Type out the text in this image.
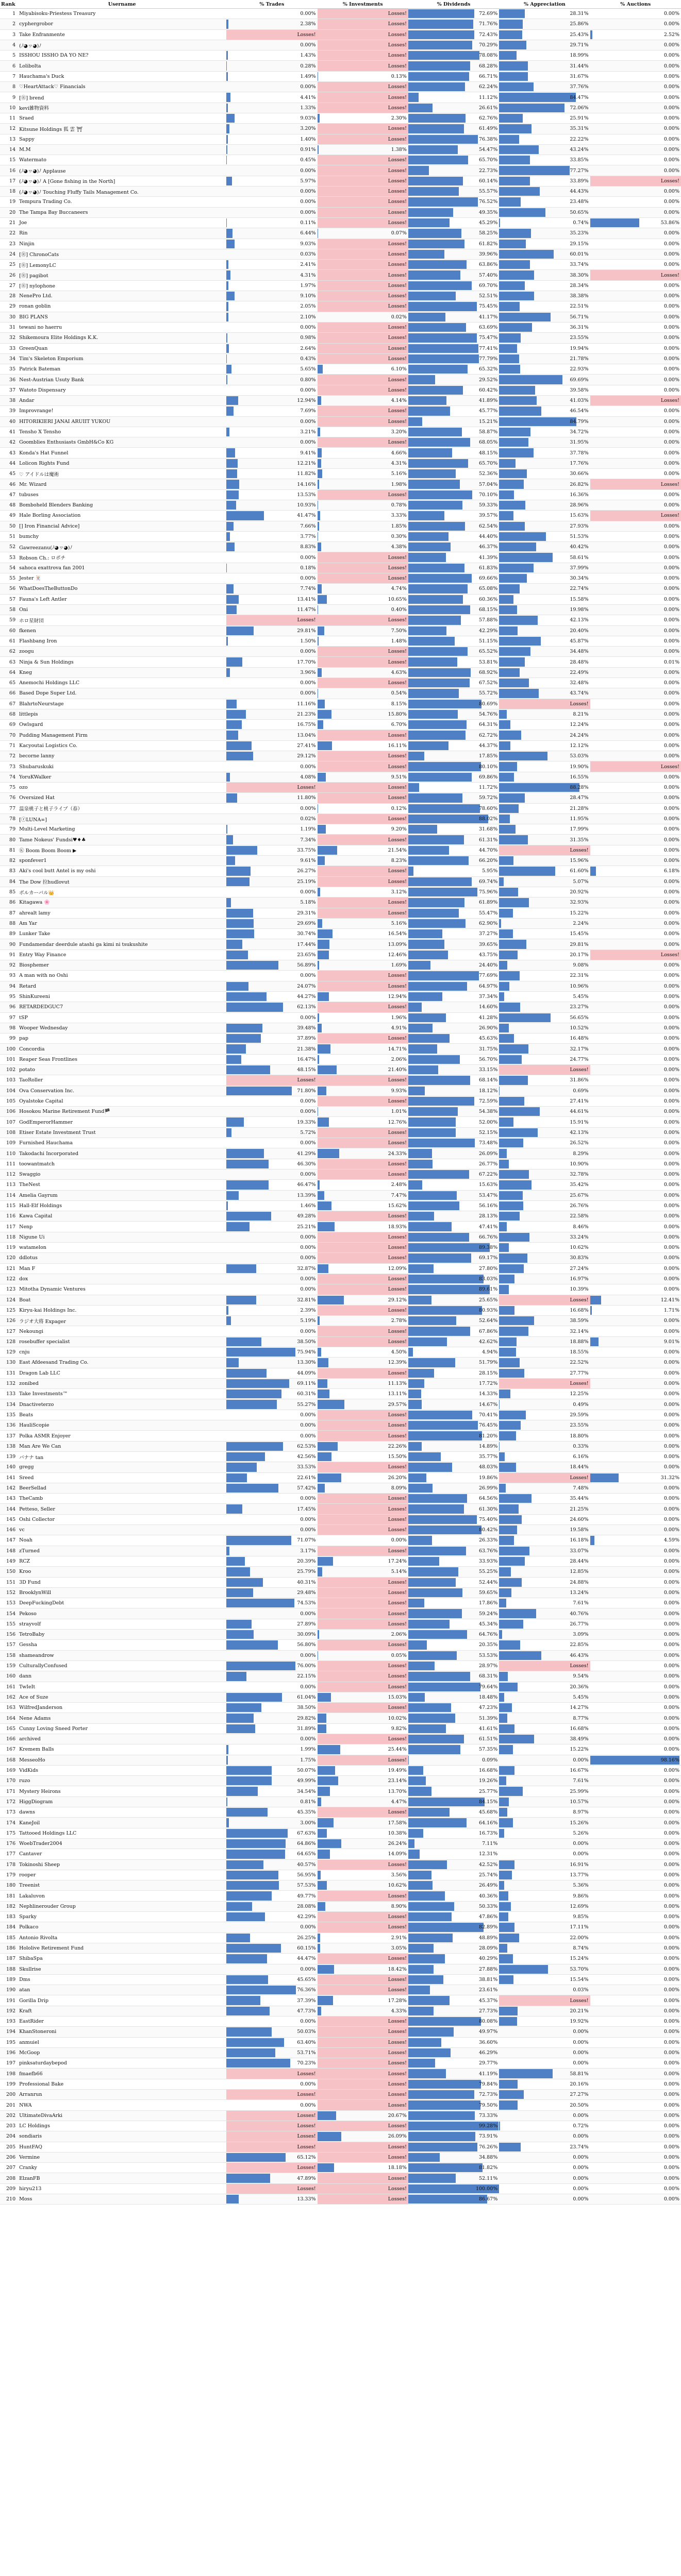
Rank	Username	% Trades	% Investments	% Dividends	% Appreciation	% Auctions
1	Miyabisoku-Priestess Treasury	0.00%	Losses!	72.69%	28.31%	0.00%
2	cyphergrobor	2.38%	Losses!	71.76%	25.86%	0.00%
3	Take Enfranmente	Losses!	Losses!	72.43%	25.43%	2.52%
4	(ﾉ◕ヮ◕)ﾉ	0.00%	Losses!	70.29%	29.71%	0.00%
5	ISSHOU ISSHO DA YO NE?	1.43%	Losses!	78.08%	18.99%	0.00%
6	Lolibolta	0.28%	Losses!	68.28%	31.44%	0.00%
7	Hauchama's Duck	1.49%	0.13%	66.71%	31.67%	0.00%
8	♡HeartAttack♡ Financials	0.00%	Losses!	62.24%	37.76%	0.00%
9	[Ⓡ] brend	4.41%	Losses!	11.12%	84.47%	0.00%
10	kevi雑物資料	1.33%	Losses!	26.61%	72.06%	0.00%
11	Sraed	9.03%	2.30%	62.76%	25.91%	0.00%
12	Kitsune Holdings 狐 雲 ⛩	3.20%	Losses!	61.49%	35.31%	0.00%
13	Sappy	1.40%	Losses!	76.38%	22.22%	0.00%
14	M.M	0.91%	1.38%	54.47%	43.24%	0.00%
15	Watermato	0.45%	Losses!	65.70%	33.85%	0.00%
16	(ﾉ◕ヮ◕)ﾉ Applause	0.00%	Losses!	22.73%	77.27%	0.00%
17	(ﾉ◕ヮ◕)ﾉ A [Gone fishing in the North]	5.97%	Losses!	60.14%	33.89%	Losses!
18	(ﾉ◕ヮ◕)ﾉ Touching Fluffy Tails Management Co.	0.00%	Losses!	55.57%	44.43%	0.00%
19	Tempura Trading Co.	0.00%	Losses!	76.52%	23.48%	0.00%
20	The Tampa Bay Buccaneers	0.00%	Losses!	49.35%	50.65%	0.00%
21	Joe	0.11%	Losses!	45.29%	0.74%	53.86%
22	Rin	6.44%	0.07%	58.25%	35.23%	0.00%
23	Ninjin	9.03%	Losses!	61.82%	29.15%	0.00%
24	[Ⓡ] ChronoCats	0.03%	Losses!	39.96%	60.01%	0.00%
25	[Ⓡ] LemonyLC	2.41%	Losses!	63.86%	33.74%	0.00%
26	[Ⓡ] pagibot	4.31%	Losses!	57.40%	38.30%	Losses!
27	[Ⓡ] nylophone	1.97%	Losses!	69.70%	28.34%	0.00%
28	NenePro Ltd.	9.10%	Losses!	52.51%	38.38%	0.00%
29	ronan goblin	2.05%	Losses!	75.45%	22.51%	0.00%
30	BIG PLANS	2.10%	0.02%	41.17%	56.71%	0.00%
31	tewani no haerru	0.00%	Losses!	63.69%	36.31%	0.00%
32	Shikemoura Elite Holdings K.K.	0.98%	Losses!	75.47%	23.55%	0.00%
33	GreenQuan	2.64%	Losses!	77.41%	19.94%	0.00%
34	Tim's Skeleton Emporium	0.43%	Losses!	77.79%	21.78%	0.00%
35	Patrick Bateman	5.65%	6.10%	65.32%	22.93%	0.00%
36	Nest-Austrian Usuty Bank	0.80%	Losses!	29.52%	69.69%	0.00%
37	Watoto Dispensary	0.00%	Losses!	60.42%	39.58%	0.00%
38	Andar	12.94%	4.14%	41.89%	41.03%	Losses!
39	Improvrange!	7.69%	Losses!	45.77%	46.54%	0.00%
40	HITORIKIERI JANAI ARUIIT YUKOU	0.00%	Losses!	15.21%	84.79%	0.00%
41	Tensho X Tensho	3.21%	3.20%	58.87%	34.72%	0.00%
42	Goomblies Enthusiasts GmbH&Co KG	0.00%	Losses!	68.05%	31.95%	0.00%
43	Konda's Hat Funnel	9.41%	4.66%	48.15%	37.78%	0.00%
44	Lolicon Rights Fund	12.21%	4.31%	65.70%	17.76%	0.00%
45	♡ アイドルは魔術	11.82%	5.16%	52.36%	30.66%	0.00%
46	Mr. Wizard	14.16%	1.98%	57.04%	26.82%	Losses!
47	tubuses	13.53%	Losses!	70.10%	16.36%	0.00%
48	Bomboheld Blenders Banking	10.93%	0.78%	59.33%	28.96%	0.00%
49	Hale Borling Association	41.47%	3.33%	39.57%	15.63%	Losses!
50	[] Iron Financial Advice]	7.66%	1.85%	62.54%	27.93%	0.00%
51	bumchy	3.77%	0.30%	44.40%	51.53%	0.00%
52	Gawreezanu(ﾉ◕ヮ◕)ﾉ	8.83%	4.38%	46.37%	40.42%	0.00%
53	Robson Ch.: ロボチ	0.00%	Losses!	41.39%	58.61%	0.00%
54	sahoca exattrova fan 2001	0.18%	Losses!	61.83%	37.99%	0.00%
55	Jester 🃏	0.00%	Losses!	69.66%	30.34%	0.00%
56	WhatDoesTheButtonDo	7.74%	4.74%	65.08%	22.74%	0.00%
57	Fauna's Left Antler	13.41%	10.65%	60.36%	15.58%	0.00%
58	Oni	11.47%	0.40%	68.15%	19.98%	0.00%
59	ホロ星財団	Losses!	Losses!	57.88%	42.13%	0.00%
60	fkenen	29.81%	7.50%	42.29%	20.40%	0.00%
61	Flashbang Iron	1.50%	1.48%	51.15%	45.87%	0.00%
62	zoogu	0.00%	Losses!	65.52%	34.48%	0.00%
63	Ninja & Sun Holdings	17.70%	Losses!	53.81%	28.48%	0.01%
64	Kneg	3.96%	4.63%	68.92%	22.49%	0.00%
65	Anemochi Holdings LLC	0.00%	Losses!	67.52%	32.48%	0.00%
66	Based Dope Super Ltd.	0.00%	0.54%	55.72%	43.74%	0.00%
67	BlahrtoNeurstage	11.16%	8.15%	80.69%	Losses!	0.00%
68	littlepis	21.23%	15.80%	54.76%	8.21%	0.00%
69	Owlsgard	16.75%	6.70%	64.31%	12.24%	0.00%
70	Pudding Management Firm	13.04%	Losses!	62.72%	24.24%	0.00%
71	Kacyoutai Logistics Co.	27.41%	16.11%	44.37%	12.12%	0.00%
72	becorne lanny	29.12%	Losses!	17.85%	53.03%	0.00%
73	Shubaruskuki	0.00%	Losses!	80.10%	19.90%	Losses!
74	YoruKWalker	4.08%	9.51%	69.86%	16.55%	0.00%
75	ozo	Losses!	Losses!	11.72%	88.28%	0.00%
76	Oversized Hat	11.80%	Losses!	59.72%	28.47%	0.00%
77	温泉桃子と桃子ライブ（春）	0.00%	0.12%	78.60%	21.28%	0.00%
78	[ⓡLUNA∞]	0.02%	Losses!	88.02%	11.95%	0.00%
79	Multi-Level Marketing	1.19%	9.20%	31.68%	17.99%	0.00%
80	Tame Nokeus' Fundsi♥♦♣	7.34%	Losses!	61.31%	31.35%	0.00%
81	Ⓚ Boom Boom Boom ▶	33.75%	21.54%	44.70%	Losses!	0.00%
82	sponfever1	9.61%	8.23%	66.20%	15.96%	0.00%
83	Aki's cool butt Antel is my oshi	26.27%	Losses!	5.95%	61.60%	6.18%
84	The Dow 拉hudlovut	25.19%	Losses!	69.74%	5.07%	0.00%
85	ボルカーバル👑	0.00%	3.12%	75.96%	20.92%	0.00%
86	Kitagawa 🌸	5.18%	Losses!	61.89%	32.93%	0.00%
87	ahrealt lamy	29.31%	Losses!	55.47%	15.22%	0.00%
88	Am Yar	29.69%	5.16%	62.90%	2.24%	0.00%
89	Lunker Take	30.74%	16.54%	37.27%	15.45%	0.00%
90	Fundamendar deerdule atashi ga kimi ni tsukushite	17.44%	13.09%	39.65%	29.81%	0.00%
91	Entry Way Finance	23.65%	12.46%	43.75%	20.17%	Losses!
92	Biosphemer	56.89%	1.69%	24.40%	9.08%	0.00%
93	A man with no Oshi	0.00%	Losses!	77.69%	22.31%	0.00%
94	Retard	24.07%	Losses!	64.97%	10.96%	0.00%
95	ShinKureeni	44.27%	12.94%	37.34%	5.45%	0.00%
96	RETARDEDGUC7	62.13%	Losses!	14.60%	23.27%	0.00%
97	tSP	0.00%	1.96%	41.28%	56.65%	0.00%
98	Wooper Wednesday	39.48%	4.91%	26.90%	10.52%	0.00%
99	pap	37.89%	Losses!	45.63%	16.48%	0.00%
100	Concordia	21.38%	14.71%	31.75%	32.17%	0.00%
101	Reaper Seas Frontlines	16.47%	2.06%	56.70%	24.77%	0.00%
102	potato	48.15%	21.40%	33.15%	Losses!	0.00%
103	TaoRoller	Losses!	Losses!	68.14%	31.86%	0.00%
104	Ova Conservation Inc.	71.80%	9.93%	18.12%	0.69%	0.00%
105	Oyalstoke Capital	0.00%	Losses!	72.59%	27.41%	0.00%
106	Hosokou Marine Retirement Fund🏴	0.00%	1.01%	54.38%	44.61%	0.00%
107	GodEmperorHammer	19.33%	12.76%	52.00%	15.91%	0.00%
108	Etiser Estate Investment Trust	5.72%	Losses!	52.15%	42.13%	0.00%
109	Furnished Hauchama	0.00%	Losses!	73.48%	26.52%	0.00%
110	Takodachi Incorporated	41.29%	24.33%	26.09%	8.29%	0.00%
111	toowantmatch	46.30%	Losses!	26.77%	10.90%	0.00%
112	Swaggio	0.00%	Losses!	67.22%	32.78%	0.00%
113	TheNest	46.47%	2.48%	15.63%	35.42%	0.00%
114	Amelia Gayrum	13.39%	7.47%	53.47%	25.67%	0.00%
115	Hall-Elf Holdings	1.46%	15.62%	56.16%	26.76%	0.00%
116	Kawa Capital	49.28%	Losses!	28.13%	22.58%	0.00%
117	Nenp	25.21%	18.93%	47.41%	8.46%	0.00%
118	Nigune Ui	0.00%	Losses!	66.76%	33.24%	0.00%
119	watamelon	0.00%	Losses!	89.38%	10.62%	0.00%
120	ddlotus	0.00%	Losses!	69.17%	30.83%	0.00%
121	Man F	32.87%	12.09%	27.80%	27.24%	0.00%
122	dox	0.00%	Losses!	83.03%	16.97%	0.00%
123	Mitotha Dynamic Ventures	0.00%	Losses!	89.61%	10.39%	0.00%
124	Boat	32.81%	29.12%	25.65%	Losses!	12.41%
125	Kiryu-kai Holdings Inc.	2.39%	Losses!	80.93%	16.68%	1.71%
126	ラジオ大将 Expager	5.19%	2.78%	52.64%	38.59%	0.00%
127	Nekoungi	0.00%	Losses!	67.86%	32.14%	0.00%
128	rosebuffer specialist	38.50%	Losses!	42.62%	18.88%	9.01%
129	cnju	75.94%	4.50%	4.94%	18.55%	0.00%
130	East Afdeesand Trading Co.	13.30%	12.39%	51.79%	22.52%	0.00%
131	Dragon Lab LLC	44.09%	Losses!	28.15%	27.77%	0.00%
132	zonibed	69.11%	11.13%	17.72%	Losses!	0.00%
133	Take Investments™	60.31%	13.11%	14.33%	12.25%	0.00%
134	Dnactiveterzo	55.27%	29.57%	14.67%	0.49%	0.00%
135	Beats	0.00%	Losses!	70.41%	29.59%	0.00%
136	HauliScopie	0.00%	Losses!	76.45%	23.55%	0.00%
137	Polka ASMR Enjoyer	0.00%	Losses!	81.20%	18.80%	0.00%
138	Man Are We Can	62.53%	22.26%	14.89%	0.33%	0.00%
139	バナナ tan	42.56%	15.50%	35.77%	6.16%	0.00%
140	gregg	33.53%	Losses!	48.03%	18.44%	0.00%
141	Sreed	22.61%	26.20%	19.86%	Losses!	31.32%
142	BeerSellad	57.42%	8.09%	26.99%	7.48%	0.00%
143	TheCamb	0.00%	Losses!	64.56%	35.44%	0.00%
144	Petteso, Seller	17.45%	Losses!	61.30%	21.25%	0.00%
145	Oshi Collector	0.00%	Losses!	75.40%	24.60%	0.00%
146	vc	0.00%	Losses!	80.42%	19.58%	0.00%
147	Noah	71.07%	0.00%	26.33%	16.18%	4.59%
148	zTurned	3.17%	Losses!	63.76%	33.07%	0.00%
149	RCZ	20.39%	17.24%	33.93%	28.44%	0.00%
150	Kroo	25.79%	5.14%	55.25%	12.85%	0.00%
151	3D Fund	40.31%	Losses!	52.44%	24.88%	0.00%
152	BrooklynWill	29.48%	Losses!	59.65%	13.24%	0.00%
153	DeepFuckingDebt	74.53%	Losses!	17.86%	7.61%	0.00%
154	Pekoso	0.00%	Losses!	59.24%	40.76%	0.00%
155	strayvolf	27.89%	Losses!	45.34%	26.77%	0.00%
156	TetroBaby	30.09%	2.06%	64.76%	3.09%	0.00%
157	Gessha	56.80%	Losses!	20.35%	22.85%	0.00%
158	shameandrow	0.00%	0.05%	53.53%	46.43%	0.00%
159	CulturallyConfused	76.00%	Losses!	28.97%	Losses!	0.00%
160	dann	22.15%	Losses!	68.31%	9.54%	0.00%
161	TwIeIt	0.00%	Losses!	79.64%	20.36%	0.00%
162	Ace of Suze	61.04%	15.03%	18.48%	5.45%	0.00%
163	WilfredJanderson	38.50%	Losses!	47.23%	14.27%	0.00%
164	Nene Adams	29.82%	10.02%	51.39%	8.77%	0.00%
165	Cunny Loving Sneed Porter	31.89%	9.82%	41.61%	16.68%	0.00%
166	archived	0.00%	Losses!	61.51%	38.49%	0.00%
167	Kremem Balls	1.99%	25.44%	57.35%	15.22%	0.00%
168	MesseoHo	1.75%	Losses!	0.09%	0.00%	98.16%
169	VidKids	50.07%	19.49%	16.68%	16.67%	0.00%
170	ruzo	49.99%	23.14%	19.26%	7.61%	0.00%
171	Mystery Heirons	34.54%	13.70%	25.77%	25.99%	0.00%
172	HiggDiogram	0.81%	4.47%	84.15%	10.57%	0.00%
173	dawns	45.35%	Losses!	45.68%	8.97%	0.00%
174	KaneJoil	3.00%	17.58%	64.16%	15.26%	0.00%
175	Tattooed Holdings LLC	67.63%	10.38%	16.73%	5.26%	0.00%
176	WoebTrader2004	64.86%	26.24%	7.11%	0.00%	0.00%
177	Cantaver	64.65%	14.09%	12.31%	0.00%	0.00%
178	Tokinoshi Sheep	40.57%	Losses!	42.52%	16.91%	0.00%
179	rooper	56.95%	3.56%	25.74%	13.77%	0.00%
180	Treenist	57.53%	10.62%	26.49%	5.36%	0.00%
181	Lakaluvon	49.77%	Losses!	40.36%	9.86%	0.00%
182	Nephlinerouder Group	28.08%	8.90%	50.33%	12.69%	0.00%
183	Sparky	42.29%	Losses!	47.86%	9.85%	0.00%
184	Polkaco	0.00%	Losses!	82.89%	17.11%	0.00%
185	Antonio Rivolta	26.25%	2.91%	48.89%	22.00%	0.00%
186	Hololive Retirement Fund	60.15%	3.05%	28.09%	8.74%	0.00%
187	ShibaSpa	44.47%	Losses!	40.29%	15.24%	0.00%
188	Skullrise	0.00%	18.42%	27.88%	53.70%	0.00%
189	Dms	45.65%	Losses!	38.81%	15.54%	0.00%
190	atan	76.36%	Losses!	23.61%	0.03%	0.00%
191	Gorilla Drip	37.39%	17.28%	45.37%	Losses!	0.00%
192	Kraft	47.73%	4.33%	27.73%	20.21%	0.00%
193	EastRider	0.00%	Losses!	80.08%	19.92%	0.00%
194	KhanStoneroni	50.03%	Losses!	49.97%	0.00%	0.00%
195	anmuiel	63.40%	Losses!	36.60%	0.00%	0.00%
196	McGoop	53.71%	Losses!	46.29%	0.00%	0.00%
197	pinksaturdaybepod	70.23%	Losses!	29.77%	0.00%	0.00%
198	fmaefb66	Losses!	Losses!	41.19%	58.81%	0.00%
199	Professional Bake	0.00%	Losses!	79.84%	20.16%	0.00%
200	Arranrun	Losses!	Losses!	72.73%	27.27%	0.00%
201	NWA	0.00%	Losses!	79.50%	20.50%	0.00%
202	UltimateDivaArki	Losses!	20.67%	73.33%	0.00%	0.00%
203	LC Holdings	Losses!	Losses!	99.28%	0.72%	0.00%
204	sondiaris	Losses!	26.09%	73.91%	0.00%	0.00%
205	HuntFAQ	Losses!	Losses!	76.26%	23.74%	0.00%
206	Vermine	65.12%	Losses!	34.88%	0.00%	0.00%
207	Cranky	Losses!	18.18%	81.82%	0.00%	0.00%
208	ElzanFB	47.89%	Losses!	52.11%	0.00%	0.00%
209	hiryu213	Losses!	Losses!	100.00%	0.00%	0.00%
210	Moss	13.33%	Losses!	86.67%	0.00%	0.00%
